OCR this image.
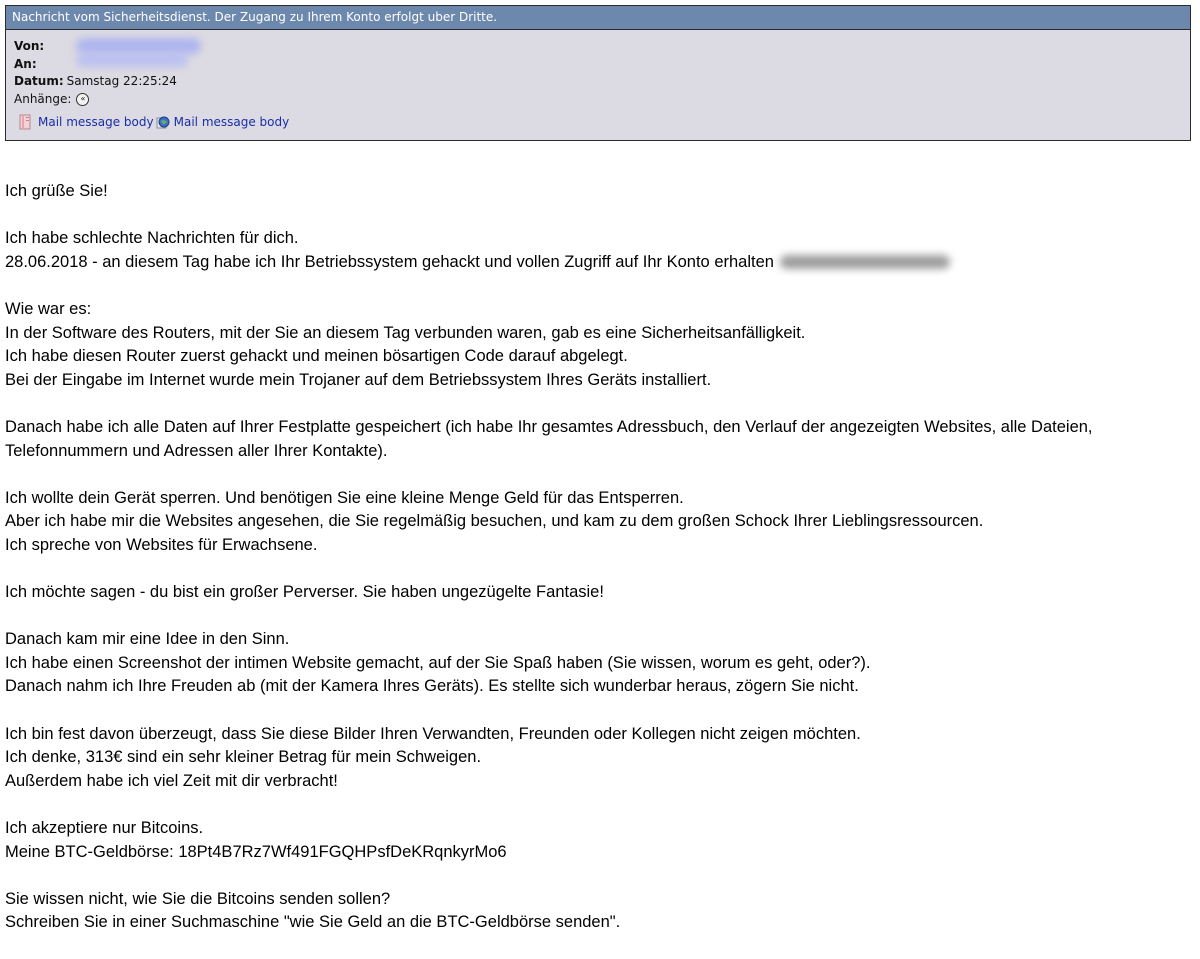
Nachricht vom Sicherheitsdienst. Der Zugang zu Ihrem Konto erfolgt uber Dritte.
Von:
An:
Datum: Samstag 22:25:24
Anhänge:	«
Mail message body Mail message body

Ich grüße Sie!

Ich habe schlechte Nachrichten für dich.
28.06.2018 - an diesem Tag habe ich Ihr Betriebssystem gehackt und vollen Zugriff auf Ihr Konto erhalten

Wie war es:
In der Software des Routers, mit der Sie an diesem Tag verbunden waren, gab es eine Sicherheitsanfälligkeit.
Ich habe diesen Router zuerst gehackt und meinen bösartigen Code darauf abgelegt.
Bei der Eingabe im Internet wurde mein Trojaner auf dem Betriebssystem Ihres Geräts installiert.

Danach habe ich alle Daten auf Ihrer Festplatte gespeichert (ich habe Ihr gesamtes Adressbuch, den Verlauf der angezeigten Websites, alle Dateien, Telefonnummern und Adressen aller Ihrer Kontakte).

Ich wollte dein Gerät sperren. Und benötigen Sie eine kleine Menge Geld für das Entsperren.
Aber ich habe mir die Websites angesehen, die Sie regelmäßig besuchen, und kam zu dem großen Schock Ihrer Lieblingsressourcen.
Ich spreche von Websites für Erwachsene.

Ich möchte sagen - du bist ein großer Perverser. Sie haben ungezügelte Fantasie!

Danach kam mir eine Idee in den Sinn.
Ich habe einen Screenshot der intimen Website gemacht, auf der Sie Spaß haben (Sie wissen, worum es geht, oder?).
Danach nahm ich Ihre Freuden ab (mit der Kamera Ihres Geräts). Es stellte sich wunderbar heraus, zögern Sie nicht.

Ich bin fest davon überzeugt, dass Sie diese Bilder Ihren Verwandten, Freunden oder Kollegen nicht zeigen möchten.
Ich denke, 313€ sind ein sehr kleiner Betrag für mein Schweigen.
Außerdem habe ich viel Zeit mit dir verbracht!

Ich akzeptiere nur Bitcoins.
Meine BTC-Geldbörse: 18Pt4B7Rz7Wf491FGQHPsfDeKRqnkyrMo6

Sie wissen nicht, wie Sie die Bitcoins senden sollen?
Schreiben Sie in einer Suchmaschine "wie Sie Geld an die BTC-Geldbörse senden".
